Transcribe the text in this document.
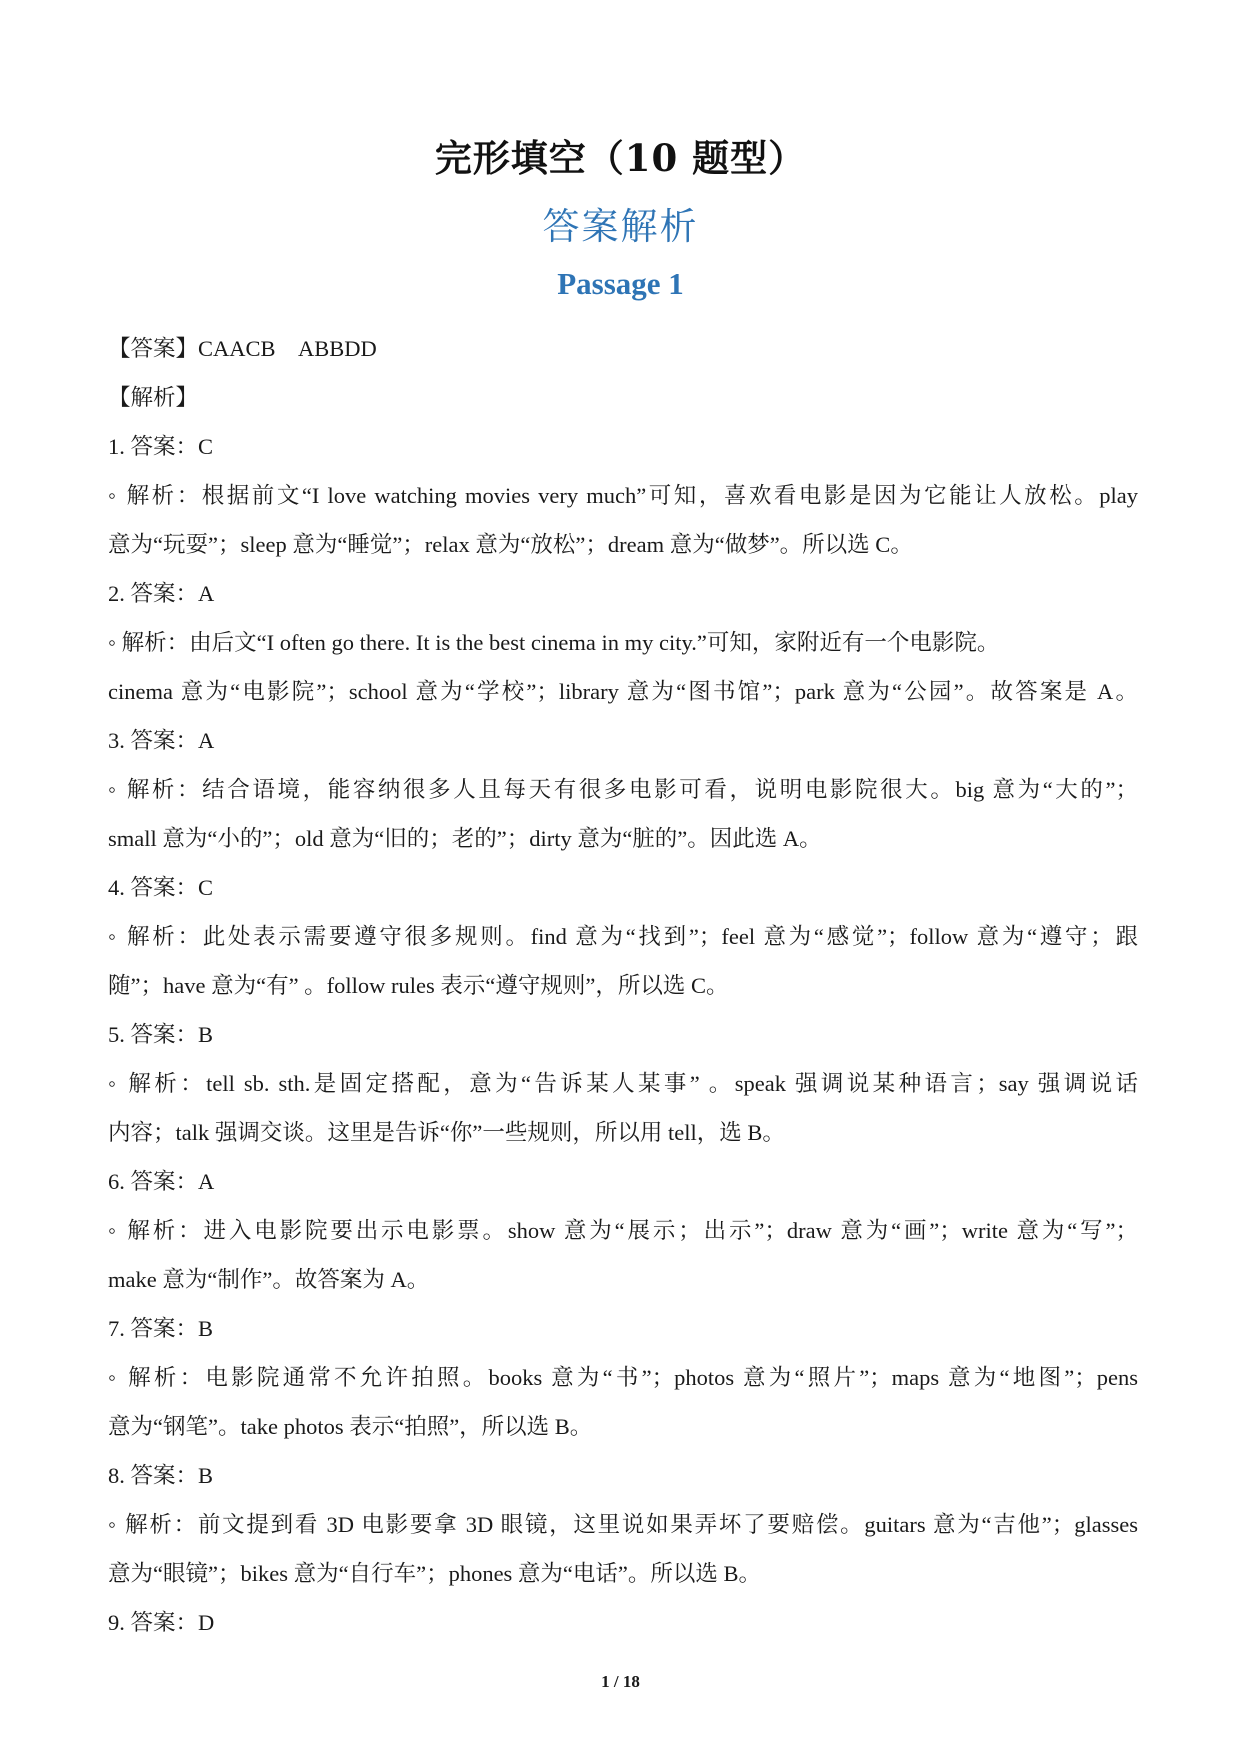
完形填空（10 题型）
答案解析
Passage 1
【答案】CAACB　ABBDD
【解析】
1. 答案：C
◦ 解析：根据前文“I love watching movies very much”可知，喜欢看电影是因为它能让人放松。play
意为“玩耍”；sleep 意为“睡觉”；relax 意为“放松”；dream 意为“做梦”。所以选 C。
2. 答案：A
◦ 解析：由后文“I often go there. It is the best cinema in my city.”可知，家附近有一个电影院。
cinema 意为“电影院”；school 意为“学校”；library 意为“图书馆”；park 意为“公园”。故答案是 A。
3. 答案：A
◦ 解析：结合语境，能容纳很多人且每天有很多电影可看，说明电影院很大。big 意为“大的”；
small 意为“小的”；old 意为“旧的；老的”；dirty 意为“脏的”。因此选 A。
4. 答案：C
◦ 解析：此处表示需要遵守很多规则。find 意为“找到”；feel 意为“感觉”；follow 意为“遵守；跟
随”；have 意为“有” 。follow rules 表示“遵守规则”，所以选 C。
5. 答案：B
◦ 解析：tell sb. sth.是固定搭配，意为“告诉某人某事” 。speak 强调说某种语言；say 强调说话
内容；talk 强调交谈。这里是告诉“你”一些规则，所以用 tell，选 B。
6. 答案：A
◦ 解析：进入电影院要出示电影票。show 意为“展示；出示”；draw 意为“画”；write 意为“写”；
make 意为“制作”。故答案为 A。
7. 答案：B
◦ 解析：电影院通常不允许拍照。books 意为“书”；photos 意为“照片”；maps 意为“地图”；pens
意为“钢笔”。take photos 表示“拍照”，所以选 B。
8. 答案：B
◦ 解析：前文提到看 3D 电影要拿 3D 眼镜，这里说如果弄坏了要赔偿。guitars 意为“吉他”；glasses
意为“眼镜”；bikes 意为“自行车”；phones 意为“电话”。所以选 B。
9. 答案：D
1 / 18
